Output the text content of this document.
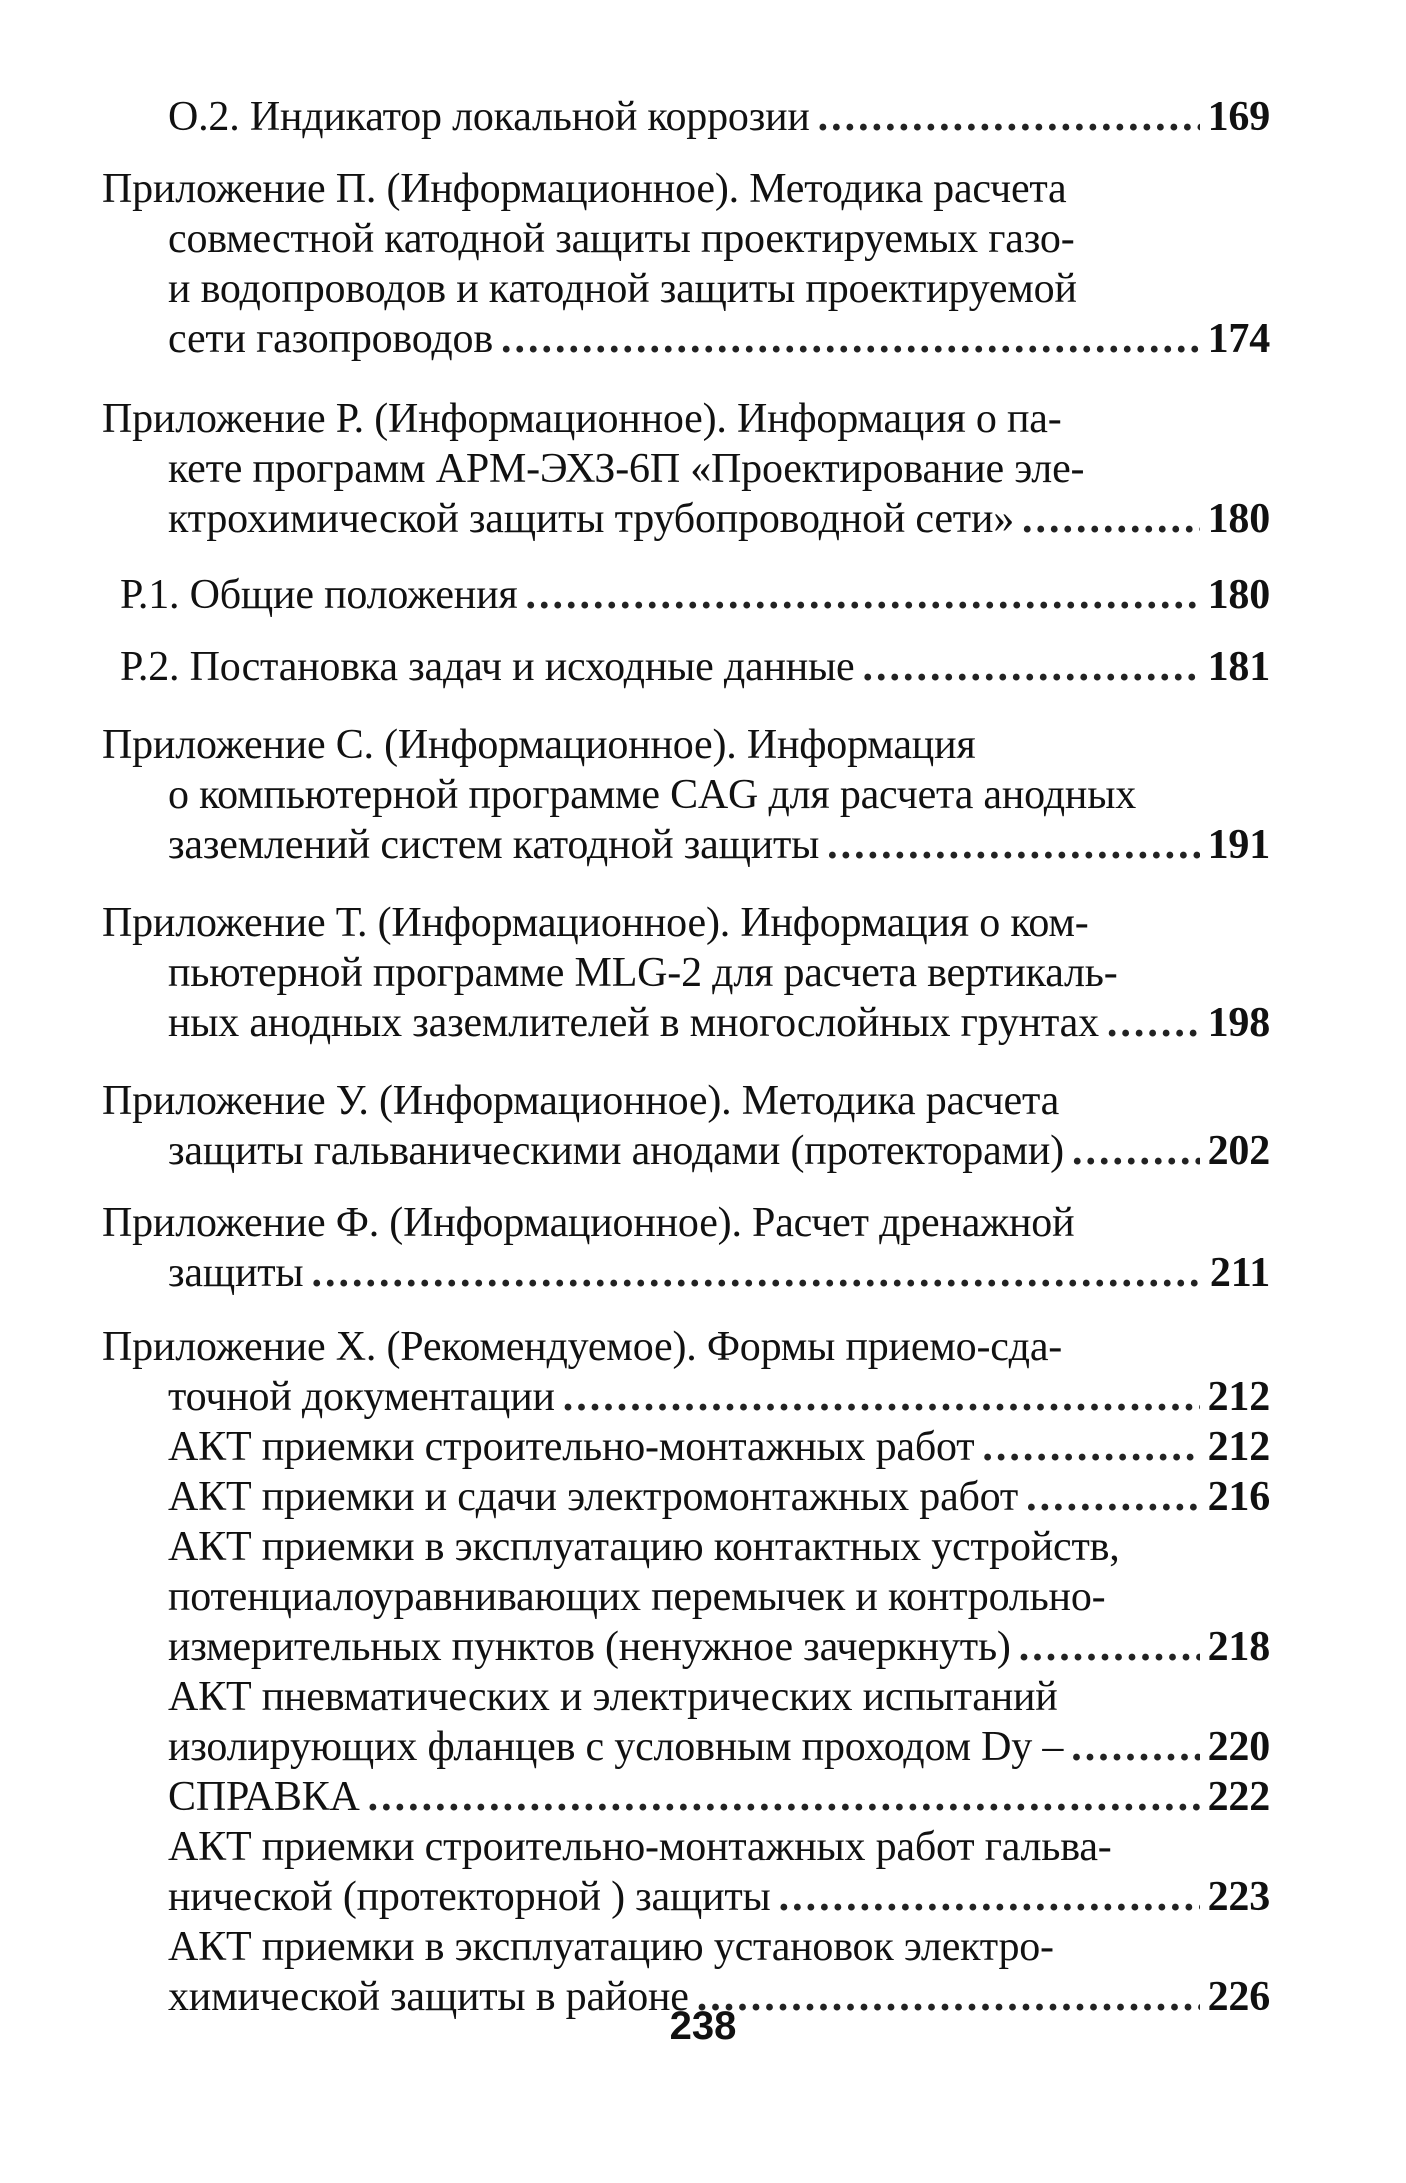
О.2. Индикатор локальной коррозии .....	169
Приложение П. (Информационное). Методика расчета
совместной катодной защиты проектируемых газо-
и водопроводов и катодной защиты проектируемой
сети газопроводов .....	174
Приложение Р. (Информационное). Информация о па-
кете программ АРМ-ЭХЗ-6П «Проектирование эле-
ктрохимической защиты трубопроводной сети» .....	180
Р.1. Общие положения .....	180
Р.2. Постановка задач и исходные данные .....	181
Приложение С. (Информационное). Информация
о компьютерной программе CAG для расчета анодных
заземлений систем катодной защиты .....	191
Приложение Т. (Информационное). Информация о ком-
пьютерной программе MLG-2 для расчета вертикаль-
ных анодных заземлителей в многослойных грунтах .....	198
Приложение У. (Информационное). Методика расчета
защиты гальваническими анодами (протекторами) .....	202
Приложение Ф. (Информационное). Расчет дренажной
защиты .....	211
Приложение Х. (Рекомендуемое). Формы приемо-сда-
точной документации .....	212
АКТ приемки строительно-монтажных работ .....	212
АКТ приемки и сдачи электромонтажных работ .....	216
АКТ приемки в эксплуатацию контактных устройств,
потенциалоуравнивающих перемычек и контрольно-
измерительных пунктов (ненужное зачеркнуть) .....	218
АКТ пневматических и электрических испытаний
изолирующих фланцев с условным проходом Dy – .....	220
СПРАВКА .....	222
АКТ приемки строительно-монтажных работ гальва-
нической (протекторной ) защиты .....	223
АКТ приемки в эксплуатацию установок электро-
химической защиты в районе .....	226
238
